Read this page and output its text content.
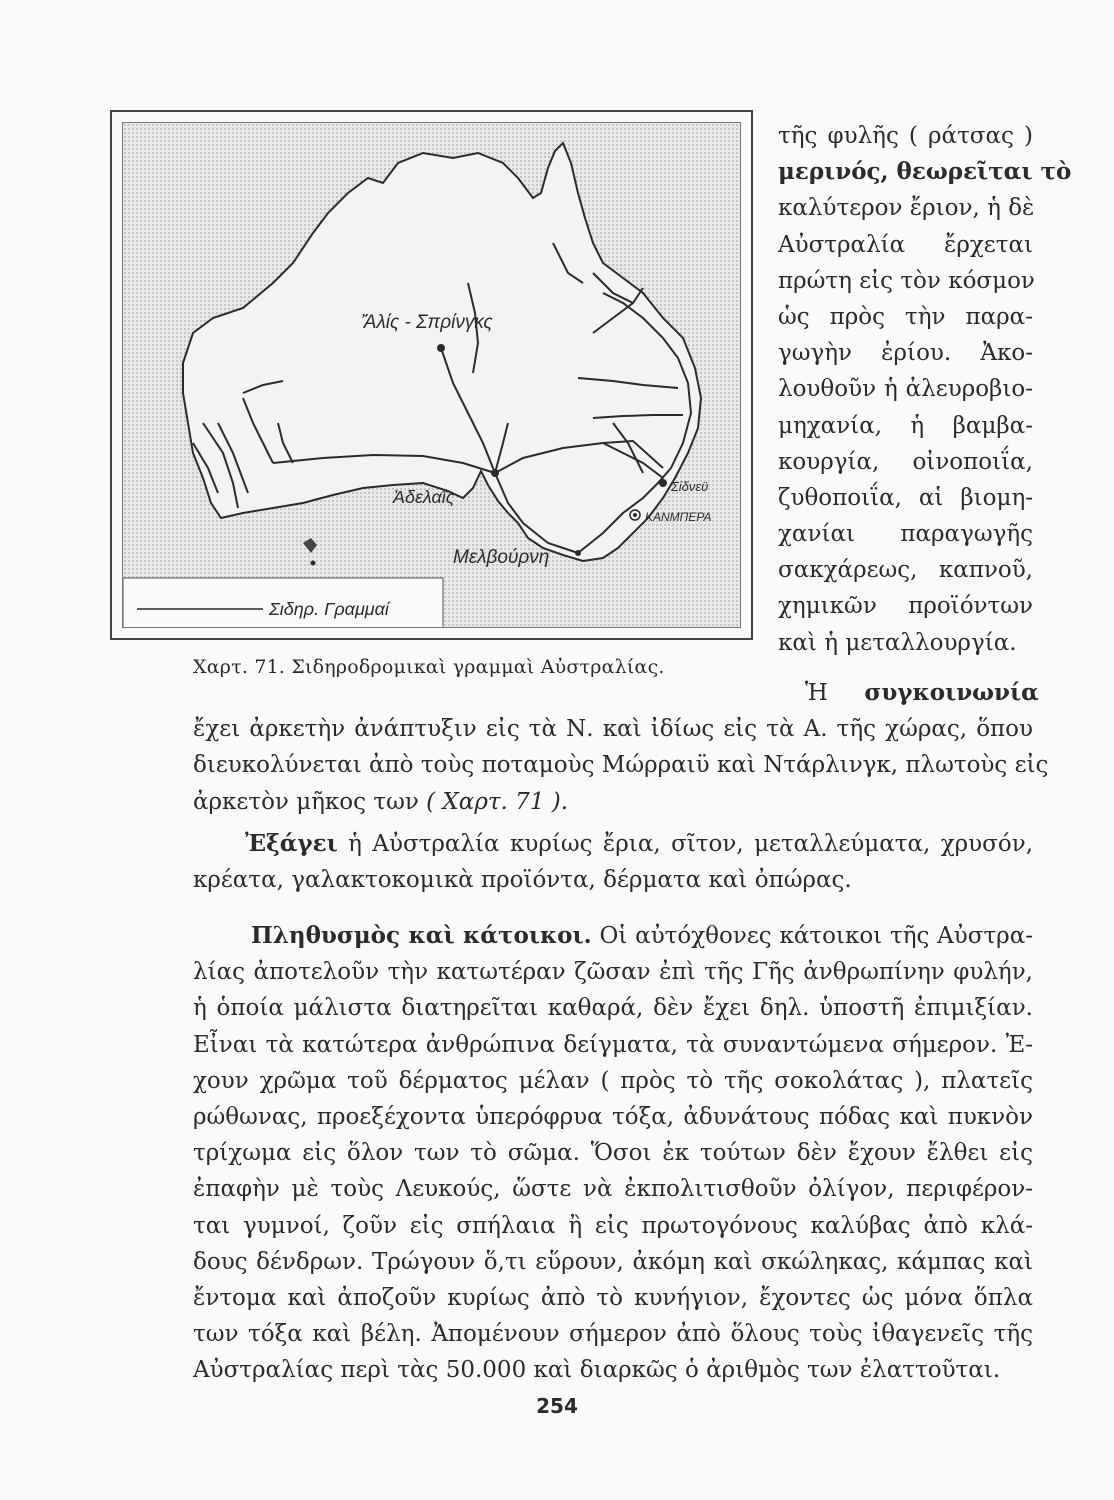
Ἄλίς - Σπρίνγκς
Ἀδελαΐς
Σίδνεϋ
ΚΑΝΜΠΕΡΑ
Μελβούρνη
Σιδηρ. Γραμμαί
Χαρτ. 71. Σιδηροδρομικαὶ γραμμαὶ Αὐστραλίας.
τῆς φυλῆς ( ράτσας )
μερινός, θεωρεῖται τὸ
καλύτερον ἔριον, ἡ δὲ
Αὐστραλία ἔρχεται
πρώτη εἰς τὸν κόσμον
ὡς πρὸς τὴν παρα-
γωγὴν ἐρίου. Ἀκο-
λουθοῦν ἡ ἀλευροβιο-
μηχανία, ἡ βαμβα-
κουργία, οἰνοποιΐα,
ζυθοποιΐα, αἱ βιομη-
χανίαι παραγωγῆς
σακχάρεως, καπνοῦ,
χημικῶν προϊόντων
καὶ ἡ μεταλλουργία.
Ἡ συγκοινωνία
ἔχει ἀρκετὴν ἀνάπτυξιν εἰς τὰ Ν. καὶ ἰδίως εἰς τὰ Α. τῆς χώρας, ὅπου
διευκολύνεται ἀπὸ τοὺς ποταμοὺς Μώρραιϋ καὶ Ντάρλινγκ, πλωτοὺς εἰς
ἀρκετὸν μῆκος των ( Χαρτ. 71 ).
Ἐξάγει ἡ Αὐστραλία κυρίως ἔρια, σῖτον, μεταλλεύματα, χρυσόν,
κρέατα, γαλακτοκομικὰ προϊόντα, δέρματα καὶ ὀπώρας.
Πληθυσμὸς καὶ κάτοικοι. Οἱ αὐτόχθονες κάτοικοι τῆς Αὐστρα-
λίας ἀποτελοῦν τὴν κατωτέραν ζῶσαν ἐπὶ τῆς Γῆς ἀνθρωπίνην φυλήν,
ἡ ὁποία μάλιστα διατηρεῖται καθαρά, δὲν ἔχει δηλ. ὑποστῆ ἐπιμιξίαν.
Εἶναι τὰ κατώτερα ἀνθρώπινα δείγματα, τὰ συναντώμενα σήμερον. Ἐ-
χουν χρῶμα τοῦ δέρματος μέλαν ( πρὸς τὸ τῆς σοκολάτας ), πλατεῖς
ρώθωνας, προεξέχοντα ὑπερόφρυα τόξα, ἀδυνάτους πόδας καὶ πυκνὸν
τρίχωμα εἰς ὅλον των τὸ σῶμα. Ὅσοι ἐκ τούτων δὲν ἔχουν ἔλθει εἰς
ἐπαφὴν μὲ τοὺς Λευκούς, ὥστε νὰ ἐκπολιτισθοῦν ὀλίγον, περιφέρον-
ται γυμνοί, ζοῦν εἰς σπήλαια ἢ εἰς πρωτογόνους καλύβας ἀπὸ κλά-
δους δένδρων. Τρώγουν ὅ,τι εὕρουν, ἀκόμη καὶ σκώληκας, κάμπας καὶ
ἔντομα καὶ ἀποζοῦν κυρίως ἀπὸ τὸ κυνήγιον, ἔχοντες ὡς μόνα ὅπλα
των τόξα καὶ βέλη. Ἀπομένουν σήμερον ἀπὸ ὅλους τοὺς ἰθαγενεῖς τῆς
Αὐστραλίας περὶ τὰς 50.000 καὶ διαρκῶς ὁ ἀριθμὸς των ἐλαττοῦται.
254
